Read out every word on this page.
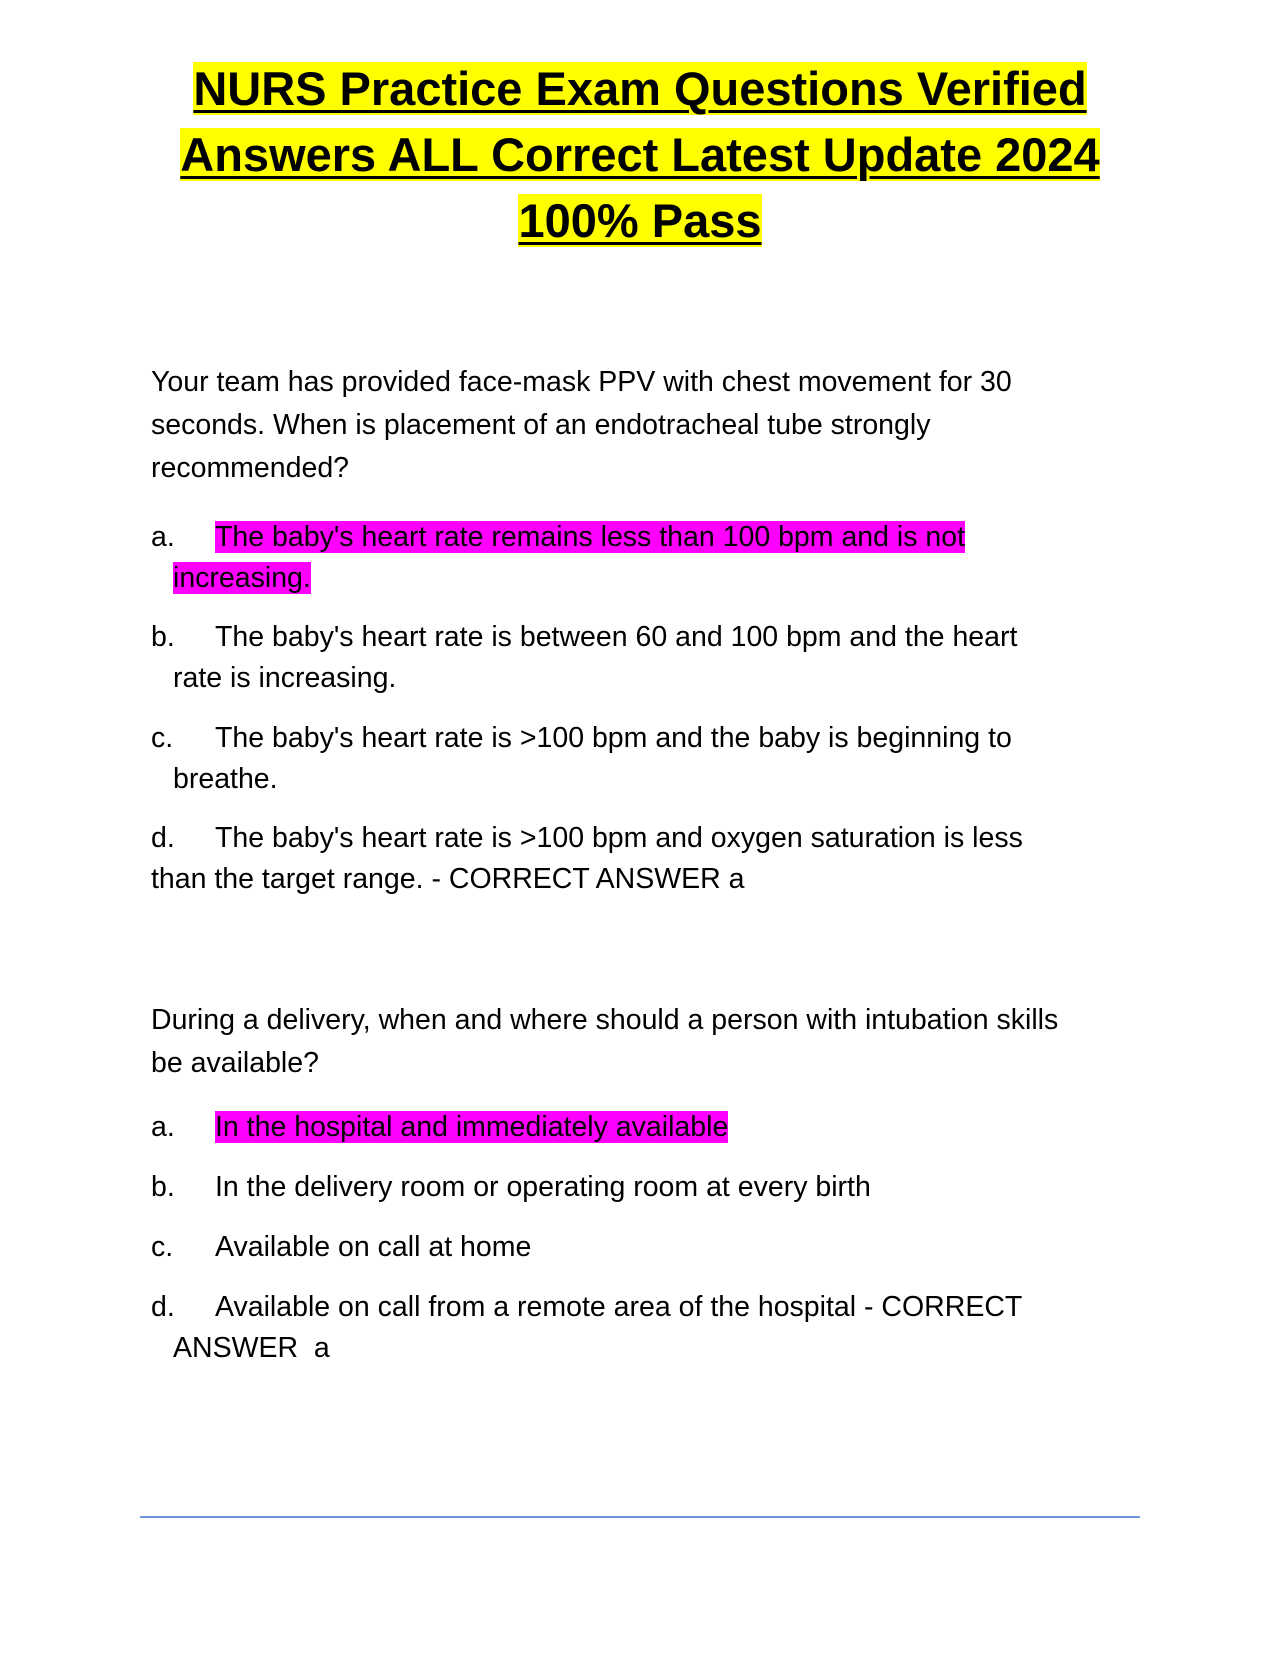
NURS Practice Exam Questions Verified
Answers ALL Correct Latest Update 2024
100% Pass
Your team has provided face-mask PPV with chest movement for 30
seconds. When is placement of an endotracheal tube strongly
recommended?
a. The baby's heart rate remains less than 100 bpm and is not
increasing.
b. The baby's heart rate is between 60 and 100 bpm and the heart
rate is increasing.
c. The baby's heart rate is >100 bpm and the baby is beginning to
breathe.
d. The baby's heart rate is >100 bpm and oxygen saturation is less
than the target range. - CORRECT ANSWER a
During a delivery, when and where should a person with intubation skills
be available?
a. In the hospital and immediately available
b. In the delivery room or operating room at every birth
c. Available on call at home
d. Available on call from a remote area of the hospital - CORRECT
ANSWER  a
